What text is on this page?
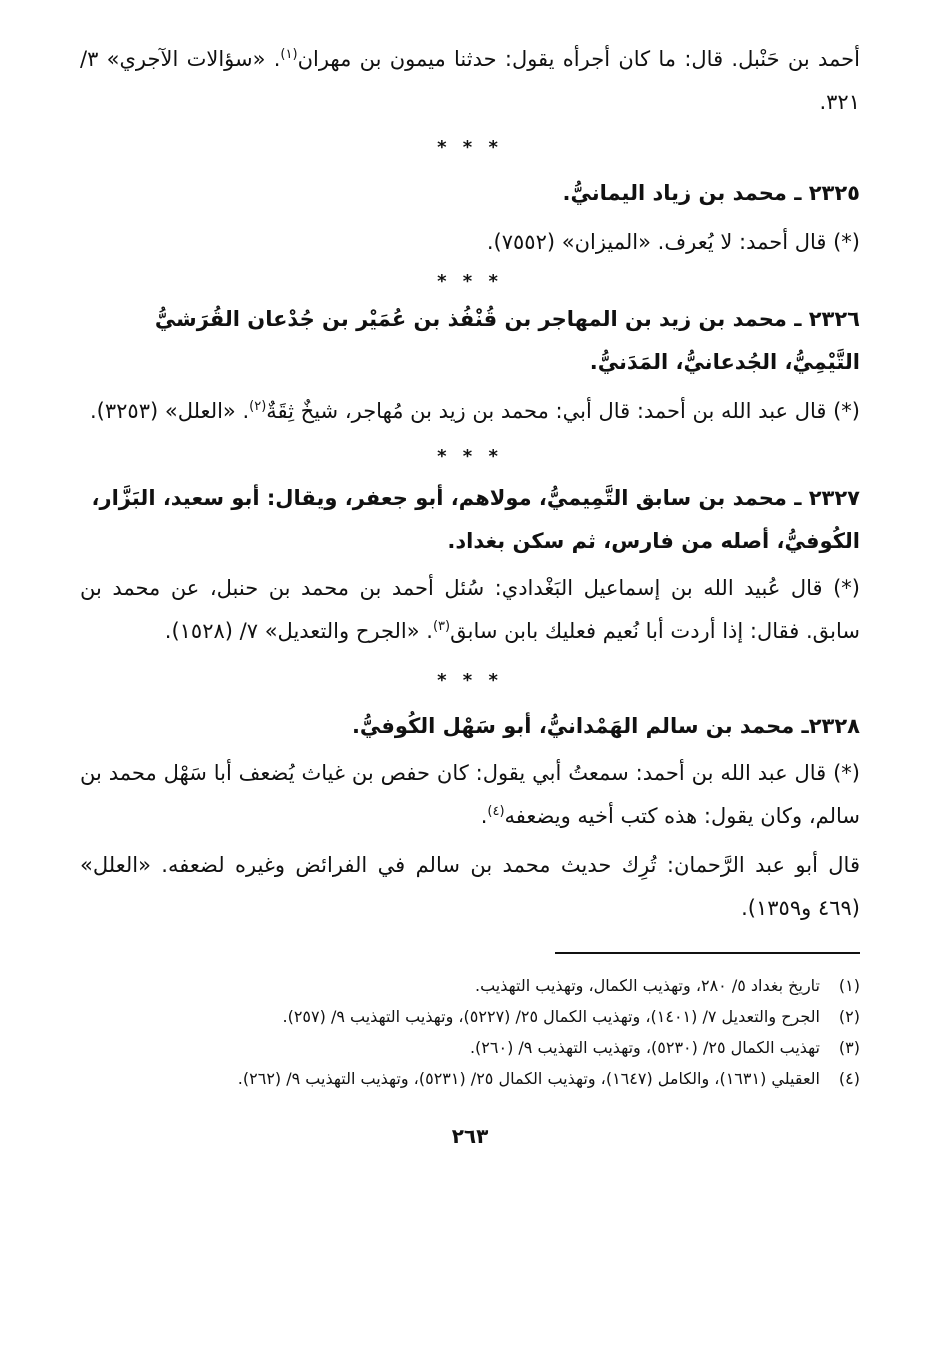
أحمد بن حَنْبل. قال: ما كان أجرأه يقول: حدثنا ميمون بن مهران$^{(١)}$. «سؤالات الآجري» ٣/ ٣٢١.

* * *

٢٣٢٥ ـ محمد بن زياد اليمانيُّ.

(*) قال أحمد: لا يُعرف. «الميزان» (٧٥٥٢).

* * *

٢٣٢٦ ـ محمد بن زيد بن المهاجر بن قُنْفُذ بن عُمَيْر بن جُدْعان القُرَشيُّ التَّيْمِيُّ، الجُدعانيُّ، المَدَنيُّ.

(*) قال عبد الله بن أحمد: قال أبي: محمد بن زيد بن مُهاجر، شيخٌ ثِقَةٌ$^{(٢)}$. «العلل» (٣٢٥٣).

* * *

٢٣٢٧ ـ محمد بن سابق التَّمِيميُّ، مولاهم، أبو جعفر، ويقال: أبو سعيد، البَزَّار، الكُوفيُّ، أصله من فارس، ثم سكن بغداد.

(*) قال عُبيد الله بن إسماعيل البَغْدادي: سُئل أحمد بن محمد بن حنبل، عن محمد بن سابق. فقال: إذا أردت أبا نُعيم فعليك بابن سابق$^{(٣)}$. «الجرح والتعديل» ٧/ (١٥٢٨).

* * *

٢٣٢٨ـ محمد بن سالم الهَمْدانيُّ، أبو سَهْل الكُوفيُّ.

(*) قال عبد الله بن أحمد: سمعتُ أبي يقول: كان حفص بن غياث يُضعف أبا سَهْل محمد بن سالم، وكان يقول: هذه كتب أخيه ويضعفه$^{(٤)}$.

قال أبو عبد الرَّحمان: تُرِك حديث محمد بن سالم في الفرائض وغيره لضعفه. «العلل» (٤٦٩ و١٣٥٩).

(١)تاريخ بغداد ٥/ ٢٨٠، وتهذيب الكمال، وتهذيب التهذيب.

(٢)الجرح والتعديل ٧/ (١٤٠١)، وتهذيب الكمال ٢٥/ (٥٢٢٧)، وتهذيب التهذيب ٩/ (٢٥٧).

(٣)تهذيب الكمال ٢٥/ (٥٢٣٠)، وتهذيب التهذيب ٩/ (٢٦٠).

(٤)العقيلي (١٦٣١)، والكامل (١٦٤٧)، وتهذيب الكمال ٢٥/ (٥٢٣١)، وتهذيب التهذيب ٩/ (٢٦٢).

٢٦٣
